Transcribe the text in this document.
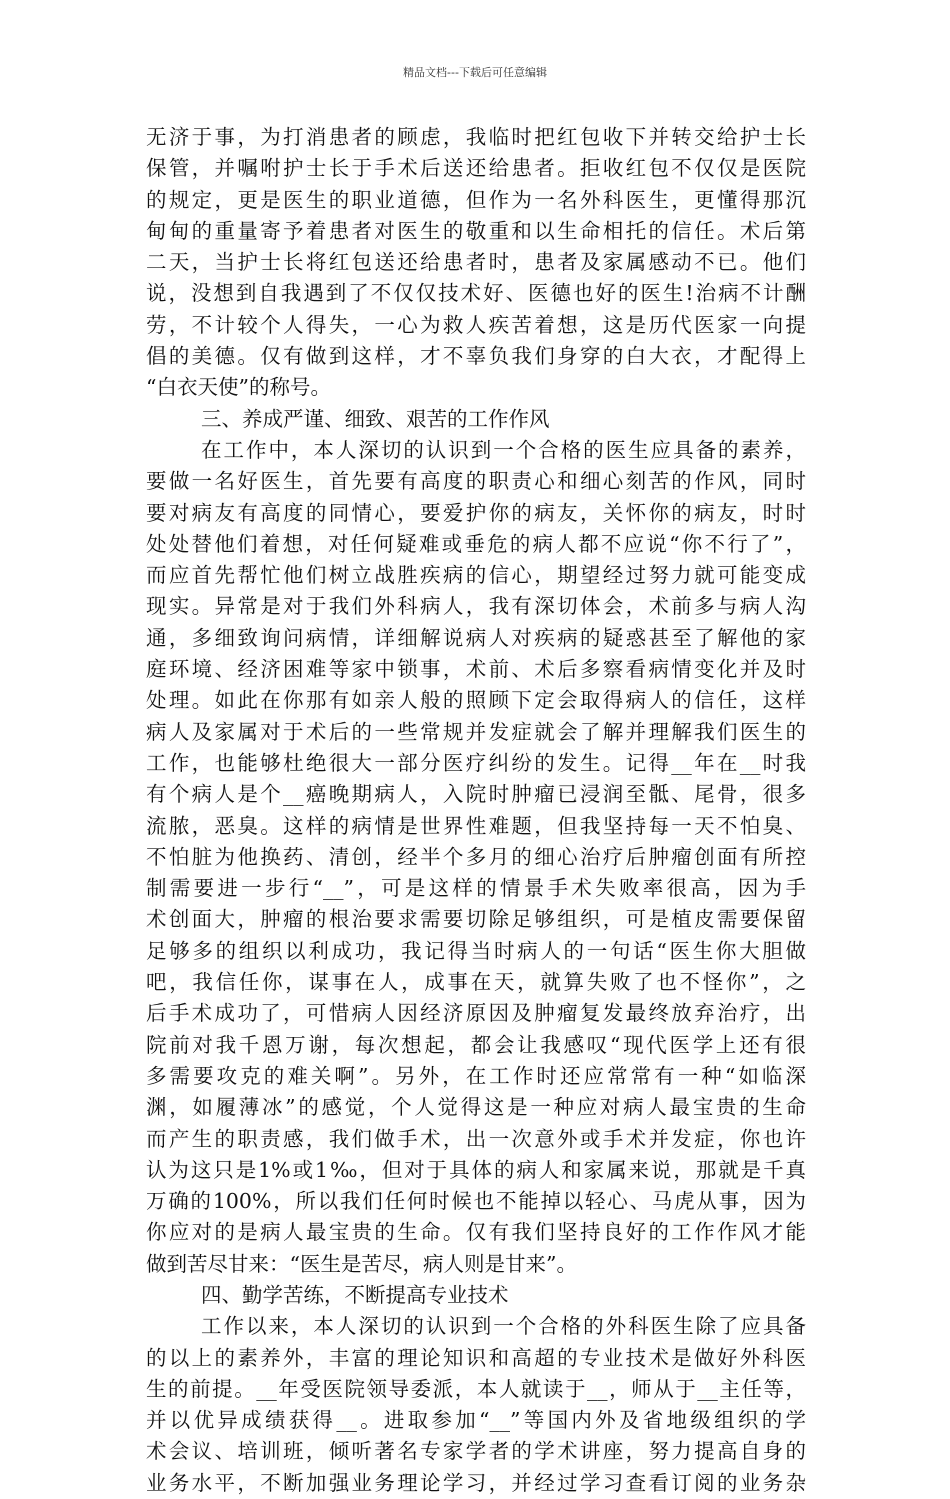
精品文档---下载后可任意编辑
无济于事，为打消患者的顾虑，我临时把红包收下并转交给护士长
保管，并嘱咐护士长于手术后送还给患者。拒收红包不仅仅是医院
的规定，更是医生的职业道德，但作为一名外科医生，更懂得那沉
甸甸的重量寄予着患者对医生的敬重和以生命相托的信任。术后第
二天，当护士长将红包送还给患者时，患者及家属感动不已。他们
说，没想到自我遇到了不仅仅技术好、医德也好的医生!治病不计酬
劳，不计较个人得失，一心为救人疾苦着想，这是历代医家一向提
倡的美德。仅有做到这样，才不辜负我们身穿的白大衣，才配得上
“白衣天使”的称号。
三、养成严谨、细致、艰苦的工作作风
在工作中，本人深切的认识到一个合格的医生应具备的素养，
要做一名好医生，首先要有高度的职责心和细心刻苦的作风，同时
要对病友有高度的同情心，要爱护你的病友，关怀你的病友，时时
处处替他们着想，对任何疑难或垂危的病人都不应说“你不行了”，
而应首先帮忙他们树立战胜疾病的信心，期望经过努力就可能变成
现实。异常是对于我们外科病人，我有深切体会，术前多与病人沟
通，多细致询问病情，详细解说病人对疾病的疑惑甚至了解他的家
庭环境、经济困难等家中锁事，术前、术后多察看病情变化并及时
处理。如此在你那有如亲人般的照顾下定会取得病人的信任，这样
病人及家属对于术后的一些常规并发症就会了解并理解我们医生的
工作，也能够杜绝很大一部分医疗纠纷的发生。记得__年在__时我
有个病人是个__癌晚期病人，入院时肿瘤已浸润至骶、尾骨，很多
流脓，恶臭。这样的病情是世界性难题，但我坚持每一天不怕臭、
不怕脏为他换药、清创，经半个多月的细心治疗后肿瘤创面有所控
制需要进一步行“__”，可是这样的情景手术失败率很高，因为手
术创面大，肿瘤的根治要求需要切除足够组织，可是植皮需要保留
足够多的组织以利成功，我记得当时病人的一句话“医生你大胆做
吧，我信任你，谋事在人，成事在天，就算失败了也不怪你”，之
后手术成功了，可惜病人因经济原因及肿瘤复发最终放弃治疗，出
院前对我千恩万谢，每次想起，都会让我感叹“现代医学上还有很
多需要攻克的难关啊”。另外，在工作时还应常常有一种“如临深
渊，如履薄冰”的感觉，个人觉得这是一种应对病人最宝贵的生命
而产生的职责感，我们做手术，出一次意外或手术并发症，你也许
认为这只是1%或1‰，但对于具体的病人和家属来说，那就是千真
万确的100%，所以我们任何时候也不能掉以轻心、马虎从事，因为
你应对的是病人最宝贵的生命。仅有我们坚持良好的工作作风才能
做到苦尽甘来：“医生是苦尽，病人则是甘来”。
四、勤学苦练，不断提高专业技术
工作以来，本人深切的认识到一个合格的外科医生除了应具备
的以上的素养外，丰富的理论知识和高超的专业技术是做好外科医
生的前提。__年受医院领导委派，本人就读于__，师从于__主任等，
并以优异成绩获得__。进取参加“__”等国内外及省地级组织的学
术会议、培训班，倾听著名专家学者的学术讲座，努力提高自身的
业务水平，不断加强业务理论学习，并经过学习查看订阅的业务杂
